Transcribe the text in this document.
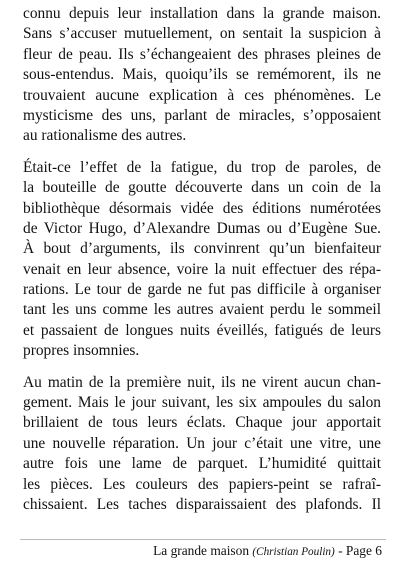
connu depuis leur installation dans la grande maison.
Sans s’accuser mutuellement, on sentait la suspicion à
fleur de peau. Ils s’échangeaient des phrases pleines de
sous-entendus. Mais, quoiqu’ils se remémorent, ils ne
trouvaient aucune explication à ces phénomènes. Le
mysticisme des uns, parlant de miracles, s’opposaient
au rationalisme des autres.
Était-ce l’effet de la fatigue, du trop de paroles, de
la bouteille de goutte découverte dans un coin de la
bibliothèque désormais vidée des éditions numérotées
de Victor Hugo, d’Alexandre Dumas ou d’Eugène Sue.
À bout d’arguments, ils convinrent qu’un bienfaiteur
venait en leur absence, voire la nuit effectuer des répa-
rations. Le tour de garde ne fut pas difficile à organiser
tant les uns comme les autres avaient perdu le sommeil
et passaient de longues nuits éveillés, fatigués de leurs
propres insomnies.
Au matin de la première nuit, ils ne virent aucun chan-
gement. Mais le jour suivant, les six ampoules du salon
brillaient de tous leurs éclats. Chaque jour apportait
une nouvelle réparation. Un jour c’était une vitre, une
autre fois une lame de parquet. L’humidité quittait
les pièces. Les couleurs des papiers-peint se rafraî-
chissaient. Les taches disparaissaient des plafonds. Il
La grande maison (Christian Poulin) - Page 6
